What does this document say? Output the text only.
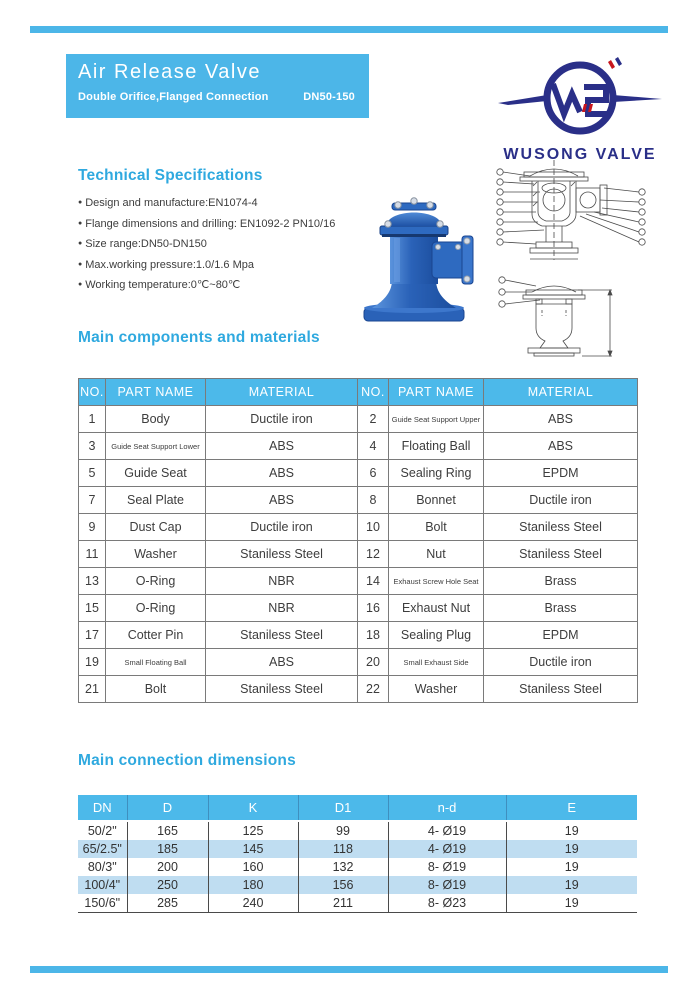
Air Release Valve
Double Orifice,Flanged Connection	DN50-150
WUSONG VALVE
Technical Specifications
● Design and manufacture:EN1074-4
● Flange dimensions and drilling: EN1092-2 PN10/16
● Size range:DN50-DN150
● Max.working pressure:1.0/1.6 Mpa
● Working temperature:0℃~80℃
Main components and materials
NO.	PART NAME	MATERIAL	NO.	PART NAME	MATERIAL
1	Body	Ductile iron	2	Guide Seat Support Upper	ABS
3	Guide Seat Support Lower	ABS	4	Floating Ball	ABS
5	Guide Seat	ABS	6	Sealing Ring	EPDM
7	Seal Plate	ABS	8	Bonnet	Ductile iron
9	Dust Cap	Ductile iron	10	Bolt	Staniless Steel
11	Washer	Staniless Steel	12	Nut	Staniless Steel
13	O-Ring	NBR	14	Exhaust Screw Hole Seat	Brass
15	O-Ring	NBR	16	Exhaust Nut	Brass
17	Cotter Pin	Staniless Steel	18	Sealing Plug	EPDM
19	Small Floating Ball	ABS	20	Small Exhaust Side	Ductile iron
21	Bolt	Staniless Steel	22	Washer	Staniless Steel
Main connection dimensions
DN	D	K	D1	n-d	E
50/2"	165	125	99	4- Ø19	19
65/2.5"	185	145	118	4- Ø19	19
80/3"	200	160	132	8- Ø19	19
100/4"	250	180	156	8- Ø19	19
150/6"	285	240	211	8- Ø23	19
